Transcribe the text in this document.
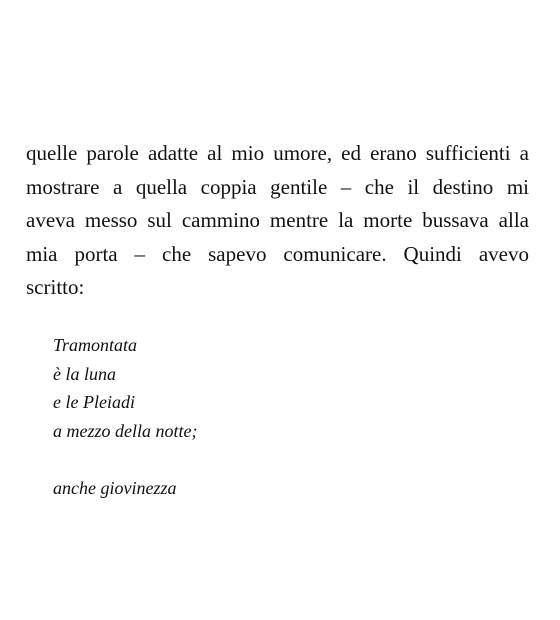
quelle parole adatte al mio umore, ed erano sufficienti a
mostrare a quella coppia gentile – che il destino mi
aveva messo sul cammino mentre la morte bussava alla
mia porta – che sapevo comunicare. Quindi avevo
scritto:

Tramontata
è la luna
e le Pleiadi
a mezzo della notte;
anche giovinezza
